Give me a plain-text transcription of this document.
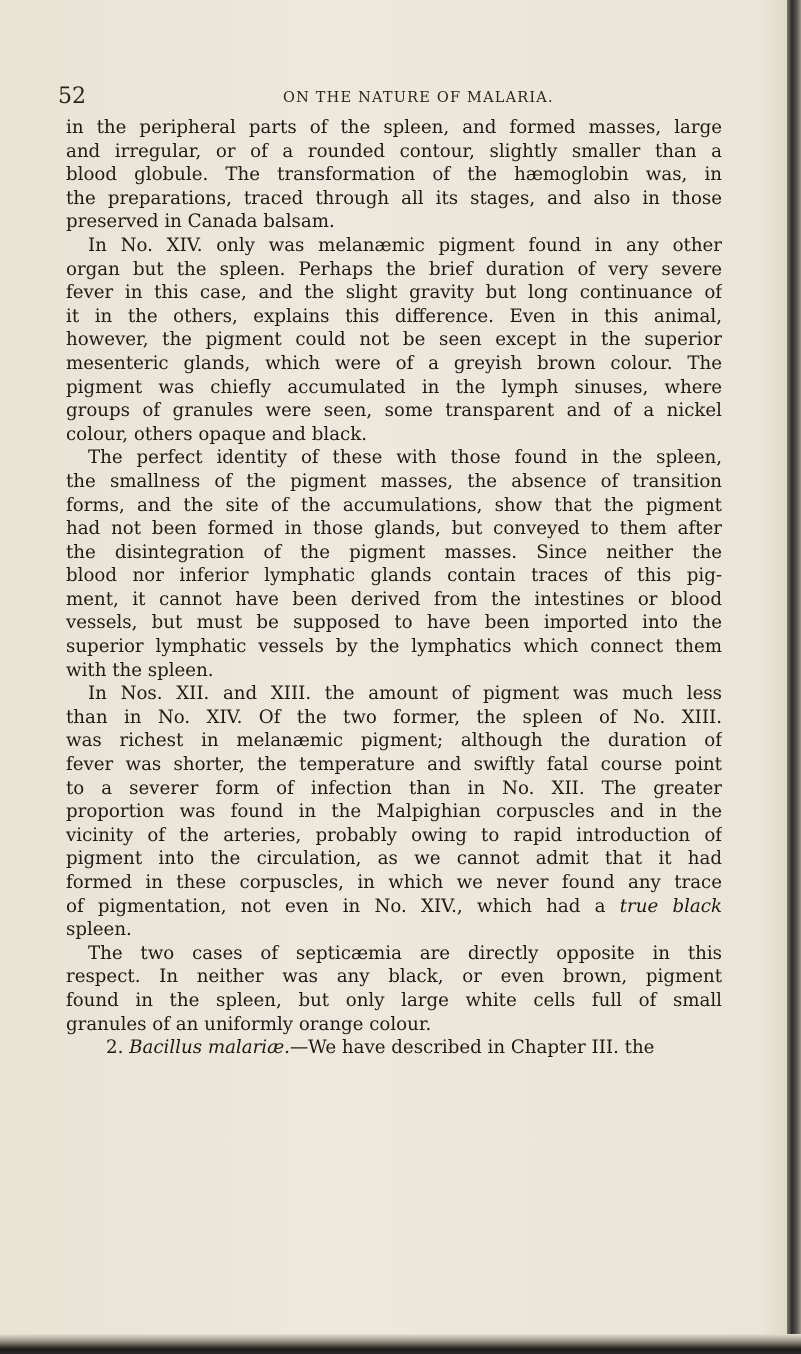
52	ON THE NATURE OF MALARIA.
in the peripheral parts of the spleen, and formed masses, large
and irregular, or of a rounded contour, slightly smaller than a
blood globule. The transformation of the hæmoglobin was, in
the preparations, traced through all its stages, and also in those
preserved in Canada balsam.
In No. XIV. only was melanæmic pigment found in any other
organ but the spleen. Perhaps the brief duration of very severe
fever in this case, and the slight gravity but long continuance of
it in the others, explains this difference. Even in this animal,
however, the pigment could not be seen except in the superior
mesenteric glands, which were of a greyish brown colour. The
pigment was chiefly accumulated in the lymph sinuses, where
groups of granules were seen, some transparent and of a nickel
colour, others opaque and black.
The perfect identity of these with those found in the spleen,
the smallness of the pigment masses, the absence of transition
forms, and the site of the accumulations, show that the pigment
had not been formed in those glands, but conveyed to them after
the disintegration of the pigment masses. Since neither the
blood nor inferior lymphatic glands contain traces of this pig-
ment, it cannot have been derived from the intestines or blood
vessels, but must be supposed to have been imported into the
superior lymphatic vessels by the lymphatics which connect them
with the spleen.
In Nos. XII. and XIII. the amount of pigment was much less
than in No. XIV. Of the two former, the spleen of No. XIII.
was richest in melanæmic pigment; although the duration of
fever was shorter, the temperature and swiftly fatal course point
to a severer form of infection than in No. XII. The greater
proportion was found in the Malpighian corpuscles and in the
vicinity of the arteries, probably owing to rapid introduction of
pigment into the circulation, as we cannot admit that it had
formed in these corpuscles, in which we never found any trace
of pigmentation, not even in No. XIV., which had a true black
spleen.
The two cases of septicæmia are directly opposite in this
respect. In neither was any black, or even brown, pigment
found in the spleen, but only large white cells full of small
granules of an uniformly orange colour.
2. Bacillus malariæ.—We have described in Chapter III. the
